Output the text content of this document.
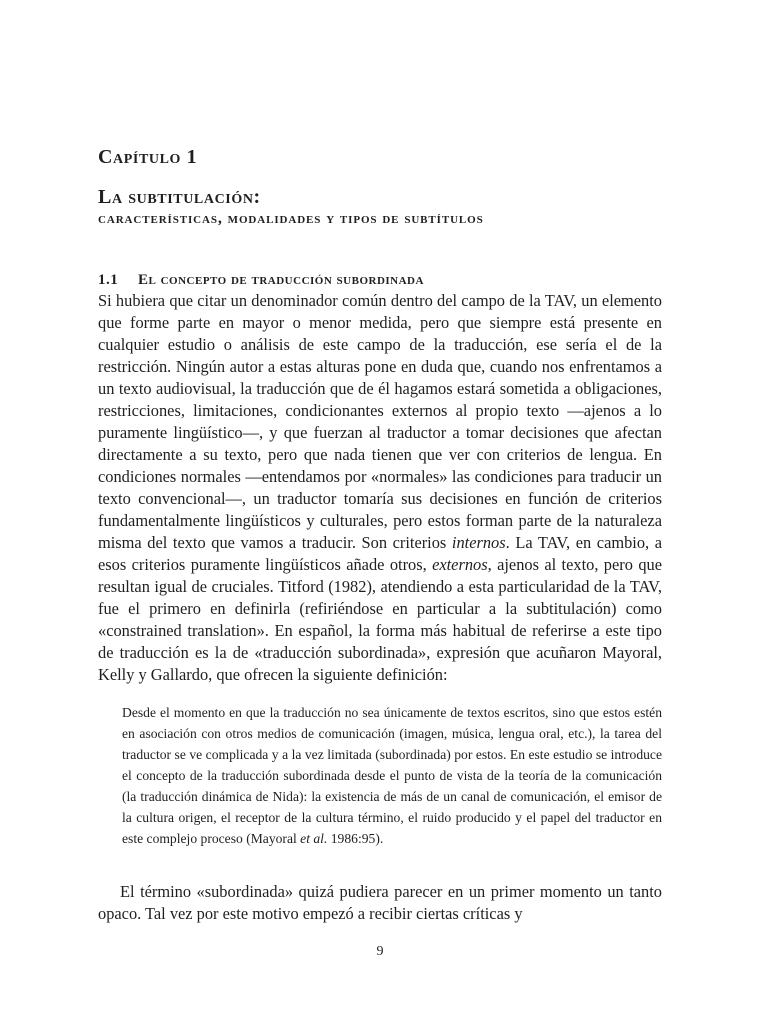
Capítulo 1
La subtitulación:
características, modalidades y tipos de subtítulos
1.1 El concepto de traducción subordinada

Si hubiera que citar un denominador común dentro del campo de la TAV, un elemento que forme parte en mayor o menor medida, pero que siempre está presente en cualquier estudio o análisis de este campo de la traducción, ese sería el de la restricción. Ningún autor a estas alturas pone en duda que, cuando nos enfrentamos a un texto audiovisual, la traducción que de él hagamos estará sometida a obligaciones, restricciones, limitaciones, condicionantes externos al propio texto —ajenos a lo puramente lingüístico—, y que fuerzan al traductor a tomar decisiones que afectan directamente a su texto, pero que nada tienen que ver con criterios de lengua. En condiciones normales —entendamos por «normales» las condiciones para traducir un texto convencional—, un traductor tomaría sus decisiones en función de criterios fundamentalmente lingüísticos y culturales, pero estos forman parte de la naturaleza misma del texto que vamos a traducir. Son criterios internos. La TAV, en cambio, a esos criterios puramente lingüísticos añade otros, externos, ajenos al texto, pero que resultan igual de cruciales. Titford (1982), atendiendo a esta particularidad de la TAV, fue el primero en definirla (refiriéndose en particular a la subtitulación) como «constrained translation». En español, la forma más habitual de referirse a este tipo de traducción es la de «traducción subordinada», expresión que acuñaron Mayoral, Kelly y Gallardo, que ofrecen la siguiente definición:

Desde el momento en que la traducción no sea únicamente de textos escritos, sino que estos estén en asociación con otros medios de comunicación (imagen, música, lengua oral, etc.), la tarea del traductor se ve complicada y a la vez limitada (subordinada) por estos. En este estudio se introduce el concepto de la traducción subordinada desde el punto de vista de la teoría de la comunicación (la traducción dinámica de Nida): la existencia de más de un canal de comunicación, el emisor de la cultura origen, el receptor de la cultura término, el ruido producido y el papel del traductor en este complejo proceso (Mayoral et al. 1986:95).

El término «subordinada» quizá pudiera parecer en un primer momento un tanto opaco. Tal vez por este motivo empezó a recibir ciertas críticas y

9
